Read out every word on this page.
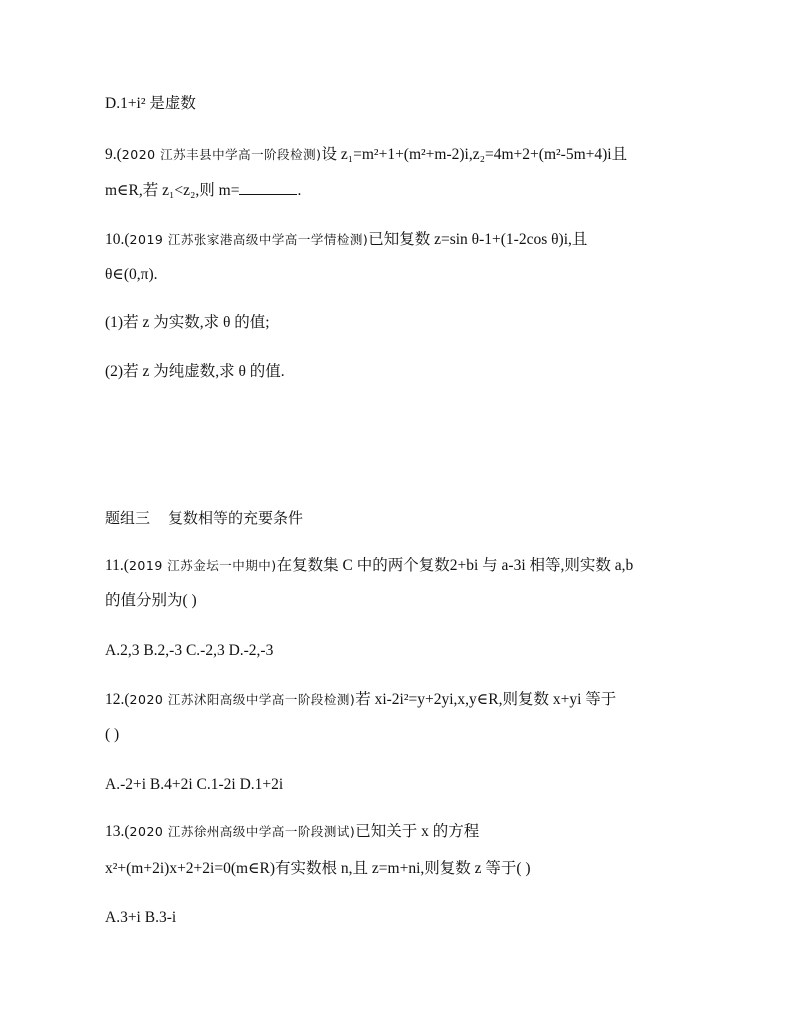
D.1+i² 是虚数
9.(2020 江苏丰县中学高一阶段检测)设 z₁=m²+1+(m²+m-2)i,z₂=4m+2+(m²-5m+4)i且
m∈R,若 z₁<z₂,则 m=	.
10.(2019 江苏张家港高级中学高一学情检测)已知复数 z=sin θ-1+(1-2cos θ)i,且
θ∈(0,π).
(1)若 z 为实数,求 θ 的值;
(2)若 z 为纯虚数,求 θ 的值.
题组三 复数相等的充要条件
11.(2019 江苏金坛一中期中)在复数集 C 中的两个复数2+bi 与 a-3i 相等,则实数 a,b
的值分别为( )
A.2,3 B.2,-3 C.-2,3 D.-2,-3
12.(2020 江苏沭阳高级中学高一阶段检测)若 xi-2i²=y+2yi,x,y∈R,则复数 x+yi 等于
( )
A.-2+i B.4+2i C.1-2i D.1+2i
13.(2020 江苏徐州高级中学高一阶段测试)已知关于 x 的方程
x²+(m+2i)x+2+2i=0(m∈R)有实数根 n,且 z=m+ni,则复数 z 等于( )
A.3+i B.3-i
